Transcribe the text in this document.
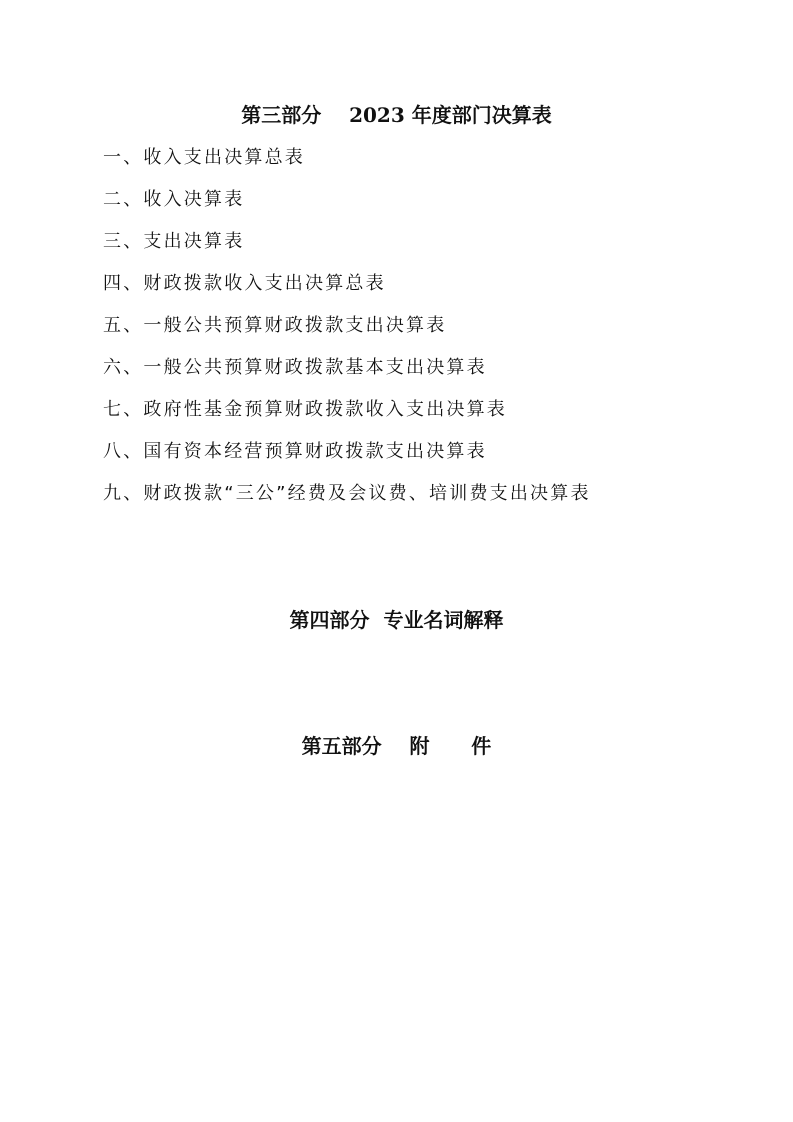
第三部分    2023 年度部门决算表
一、收入支出决算总表
二、收入决算表
三、支出决算表
四、财政拨款收入支出决算总表
五、一般公共预算财政拨款支出决算表
六、一般公共预算财政拨款基本支出决算表
七、政府性基金预算财政拨款收入支出决算表
八、国有资本经营预算财政拨款支出决算表
九、财政拨款“三公”经费及会议费、培训费支出决算表
第四部分  专业名词解释
第五部分    附      件
